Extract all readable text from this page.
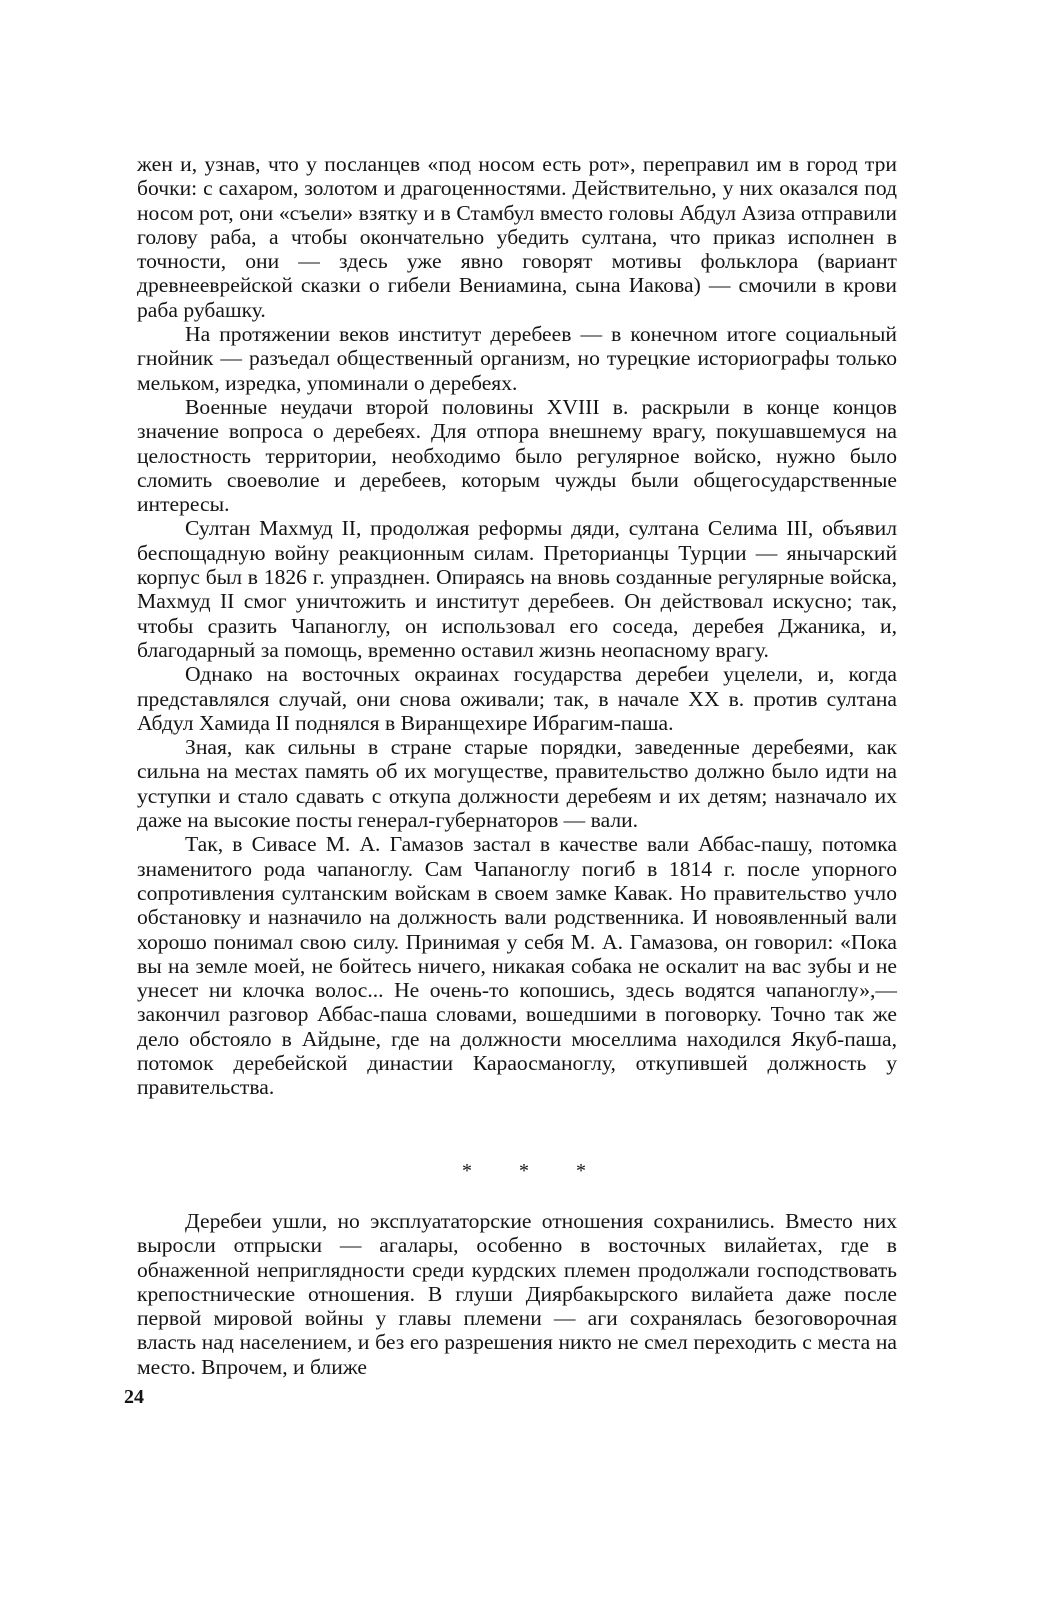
жен и, узнав, что у посланцев «под носом есть рот», переправил им в город три бочки: с сахаром, золотом и драгоценностями. Действительно, у них оказался под носом рот, они «съели» взятку и в Стамбул вместо головы Абдул Азиза отправили голову раба, а чтобы окончательно убедить султана, что приказ исполнен в точности, они — здесь уже явно говорят мотивы фольклора (вариант древнееврейской сказки о гибели Вениамина, сына Иакова) — смочили в крови раба рубашку.

На протяжении веков институт деребеев — в конечном итоге социальный гнойник — разъедал общественный организм, но турецкие историографы только мельком, изредка, упоминали о деребеях.

Военные неудачи второй половины XVIII в. раскрыли в конце концов значение вопроса о деребеях. Для отпора внешнему врагу, покушавшемуся на целостность территории, необходимо было регулярное войско, нужно было сломить своеволие и деребеев, которым чужды были общегосударственные интересы.

Султан Махмуд II, продолжая реформы дяди, султана Селима III, объявил беспощадную войну реакционным силам. Преторианцы Турции — янычарский корпус был в 1826 г. упразднен. Опираясь на вновь созданные регулярные войска, Махмуд II смог уничтожить и институт деребеев. Он действовал искусно; так, чтобы сразить Чапаноглу, он использовал его соседа, деребея Джаника, и, благодарный за помощь, временно оставил жизнь неопасному врагу.

Однако на восточных окраинах государства деребеи уцелели, и, когда представлялся случай, они снова оживали; так, в начале XX в. против султана Абдул Хамида II поднялся в Виранщехире Ибрагим-паша.

Зная, как сильны в стране старые порядки, заведенные деребеями, как сильна на местах память об их могуществе, правительство должно было идти на уступки и стало сдавать с откупа должности деребеям и их детям; назначало их даже на высокие посты генерал-губернаторов — вали.

Так, в Сивасе М. А. Гамазов застал в качестве вали Аббас-пашу, потомка знаменитого рода чапаноглу. Сам Чапаноглу погиб в 1814 г. после упорного сопротивления султанским войскам в своем замке Кавак. Но правительство учло обстановку и назначило на должность вали родственника. И новоявленный вали хорошо понимал свою силу. Принимая у себя М. А. Гамазова, он говорил: «Пока вы на земле моей, не бойтесь ничего, никакая собака не оскалит на вас зубы и не унесет ни клочка волос... Не очень-то копошись, здесь водятся чапаноглу»,— закончил разговор Аббас-паша словами, вошедшими в поговорку. Точно так же дело обстояло в Айдыне, где на должности мюселлима находился Якуб-паша, потомок деребейской династии Караосманоглу, откупившей должность у правительства.

* * *

Деребеи ушли, но эксплуататорские отношения сохранились. Вместо них выросли отпрыски — агалары, особенно в восточных вилайетах, где в обнаженной неприглядности среди курдских племен продолжали господствовать крепостнические отношения. В глуши Диярбакырского вилайета даже после первой мировой войны у главы племени — аги сохранялась безоговорочная власть над населением, и без его разрешения никто не смел переходить с места на место. Впрочем, и ближе

24
